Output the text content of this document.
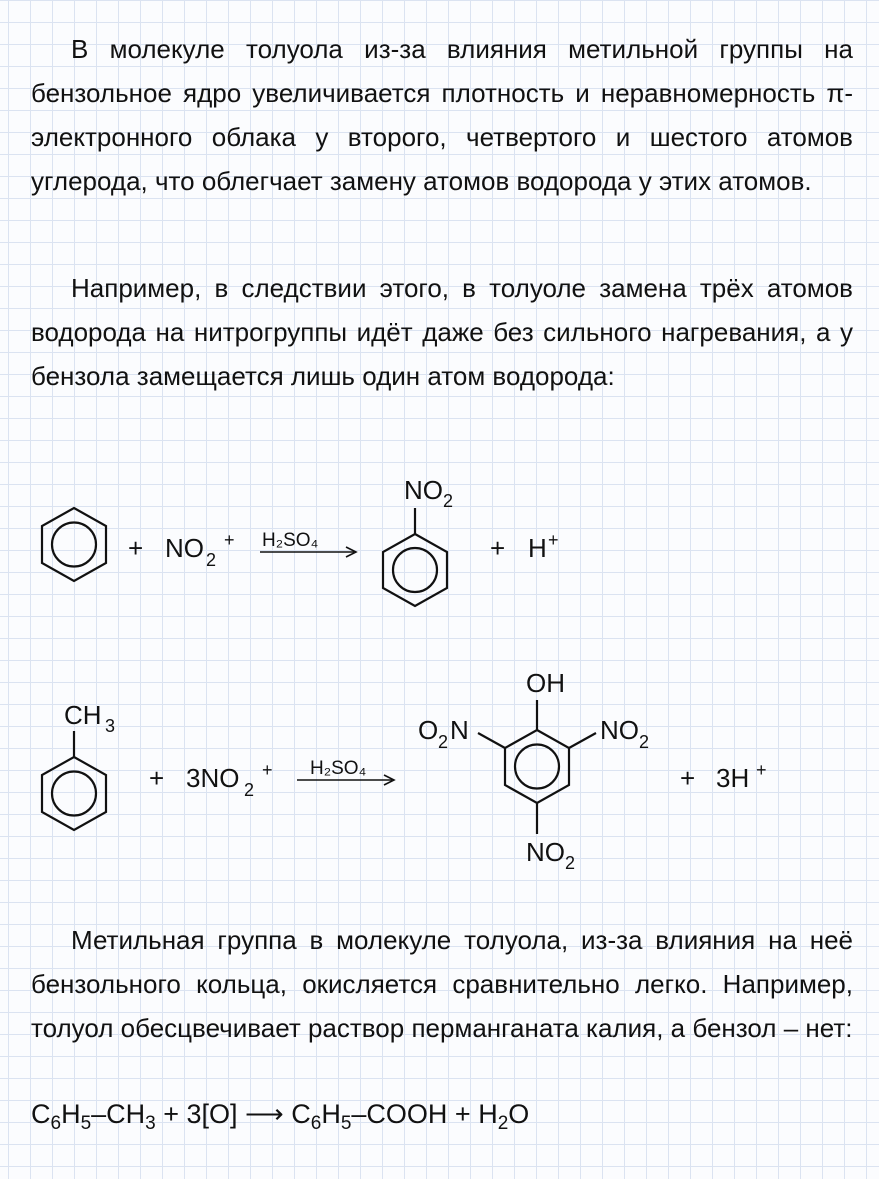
В молекуле толуола из-за влияния метильной группы на бензольное ядро увеличивается плотность и неравномерность π-электронного облака у второго, четвертого и шестого атомов углерода, что облегчает замену атомов водорода у этих атомов.

Например, в следствии этого, в толуоле замена трёх атомов водорода на нитрогруппы идёт даже без сильного нагревания, а у бензола замещается лишь один атом водорода:

+ NO 2
+ H₂SO₄
NO 2
+ H +
CH 3
+ 3NO 2
+ H₂SO₄
OH
O 2 N	NO 2
NO 2
+ 3H +

Метильная группа в молекуле толуола, из-за влияния на неё бензольного кольца, окисляется сравнительно легко. Например, толуол обесцвечивает раствор перманганата калия, а бензол – нет:

$C_6H_5-CH_3 + 3[O]$ ⟶ $C_6H_5$–COOH + $H_2O$
